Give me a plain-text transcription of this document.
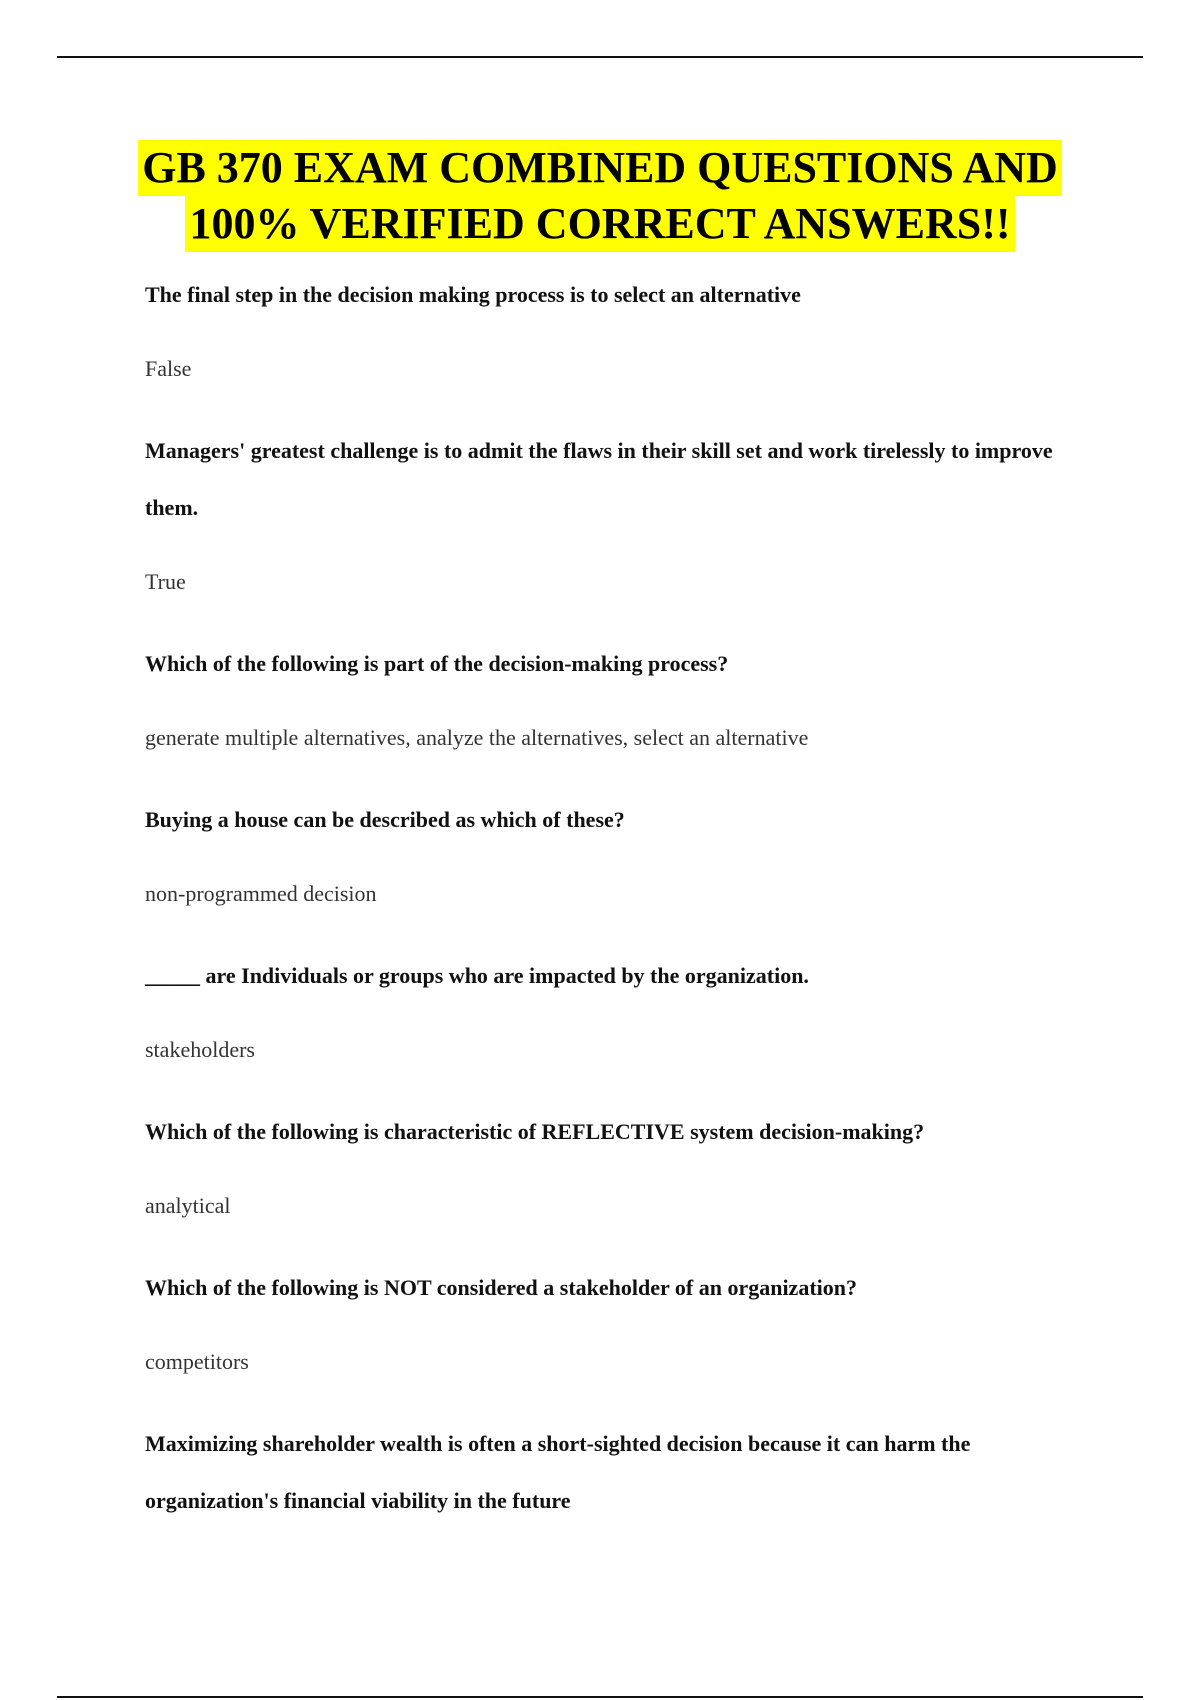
GB 370 EXAM COMBINED QUESTIONS AND
100% VERIFIED CORRECT ANSWERS!!

The final step in the decision making process is to select an alternative

False

Managers' greatest challenge is to admit the flaws in their skill set and work tirelessly to improve them.

True

Which of the following is part of the decision-making process?

generate multiple alternatives, analyze the alternatives, select an alternative

Buying a house can be described as which of these?

non-programmed decision

_____ are Individuals or groups who are impacted by the organization.

stakeholders

Which of the following is characteristic of REFLECTIVE system decision-making?

analytical

Which of the following is NOT considered a stakeholder of an organization?

competitors

Maximizing shareholder wealth is often a short-sighted decision because it can harm the organization's financial viability in the future
